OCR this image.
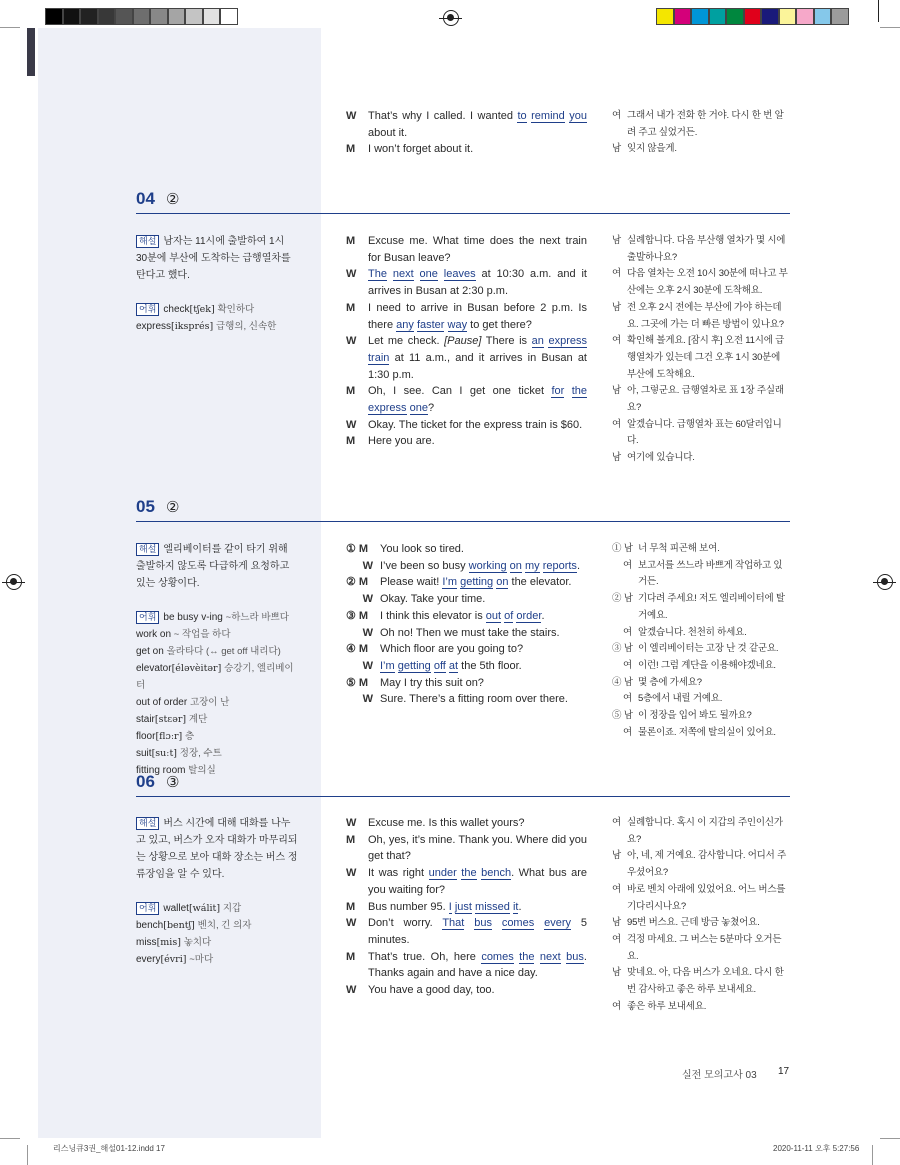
W	That’s why I called. I wanted to remind you about it.
M	I won’t forget about it.
여 그래서 내가 전화 한 거야. 다시 한 번 알려 주고 싶었거든.
남 잊지 않을게.
04 ②
해설 남자는 11시에 출발하여 1시 30분에 부산에 도착하는 급행열차를 탄다고 했다.
어휘 check[tʃek] 확인하다
express[iksprés] 급행의, 신속한
M	Excuse me. What time does the next train for Busan leave?
W	The next one leaves at 10:30 a.m. and it arrives in Busan at 2:30 p.m.
M	I need to arrive in Busan before 2 p.m. Is there any faster way to get there?
W	Let me check. [Pause] There is an express train at 11 a.m., and it arrives in Busan at 1:30 p.m.
M	Oh, I see. Can I get one ticket for the express one?
W	Okay. The ticket for the express train is $60.
M	Here you are.
남 실례합니다. 다음 부산행 열차가 몇 시에 출발하나요?
여 다음 열차는 오전 10시 30분에 떠나고 부산에는 오후 2시 30분에 도착해요.
남 전 오후 2시 전에는 부산에 가야 하는데요. 그곳에 가는 더 빠른 방법이 있나요?
여 확인해 볼게요. [잠시 후] 오전 11시에 급행열차가 있는데 그건 오후 1시 30분에 부산에 도착해요.
남 아, 그렇군요. 급행열차로 표 1장 주실래요?
여 알겠습니다. 급행열차 표는 60달러입니다.
남 여기에 있습니다.
05 ②
해설 엘리베이터를 같이 타기 위해 출발하지 않도록 다급하게 요청하고 있는 상황이다.
어휘 be busy v-ing ~하느라 바쁘다
work on ~ 작업을 하다
get on 올라타다 (↔ get off 내리다)
elevator[éləvèitər] 승강기, 엘리베이터
out of order 고장이 난
stair[stɛər] 계단
floor[flɔːr] 층
suit[suːt] 정장, 수트
fitting room 탈의실
① M	You look so tired.
W I’ve been so busy working on my reports.
② M	Please wait! I’m getting on the elevator.
W Okay. Take your time.
③ M	I think this elevator is out of order.
W Oh no! Then we must take the stairs.
④ M	Which floor are you going to?
W I’m getting off at the 5th floor.
⑤ M	May I try this suit on?
W Sure. There’s a fitting room over there.
① 남 너 무척 피곤해 보여.
여 보고서를 쓰느라 바쁘게 작업하고 있거든.
② 남 기다려 주세요! 저도 엘리베이터에 탈 거예요.
여 알겠습니다. 천천히 하세요.
③ 남 이 엘리베이터는 고장 난 것 같군요.
여 이런! 그럼 계단을 이용해야겠네요.
④ 남 몇 층에 가세요?
여 5층에서 내릴 거예요.
⑤ 남 이 정장을 입어 봐도 될까요?
여 물론이죠. 저쪽에 탈의실이 있어요.
06 ③
해설 버스 시간에 대해 대화를 나누고 있고, 버스가 오자 대화가 마무리되는 상황으로 보아 대화 장소는 버스 정류장임을 알 수 있다.
어휘 wallet[wálit] 지갑
bench[bentʃ] 벤치, 긴 의자
miss[mis] 놓치다
every[évri] ~마다
W	Excuse me. Is this wallet yours?
M	Oh, yes, it’s mine. Thank you. Where did you get that?
W	It was right under the bench. What bus are you waiting for?
M	Bus number 95. I just missed it.
W	Don’t worry. That bus comes every 5 minutes.
M	That’s true. Oh, here comes the next bus. Thanks again and have a nice day.
W	You have a good day, too.
여 실례합니다. 혹시 이 지갑의 주인이신가요?
남 아, 네, 제 거예요. 감사합니다. 어디서 주우셨어요?
여 바로 벤치 아래에 있었어요. 어느 버스를 기다리시나요?
남 95번 버스요. 근데 방금 놓쳤어요.
여 걱정 마세요. 그 버스는 5분마다 오거든요.
남 맞네요. 아, 다음 버스가 오네요. 다시 한 번 감사하고 좋은 하루 보내세요.
여 좋은 하루 보내세요.
실전 모의고사 03 17
리스닝큐3권_해설01-12.indd 17	2020-11-11 오후 5:27:56
